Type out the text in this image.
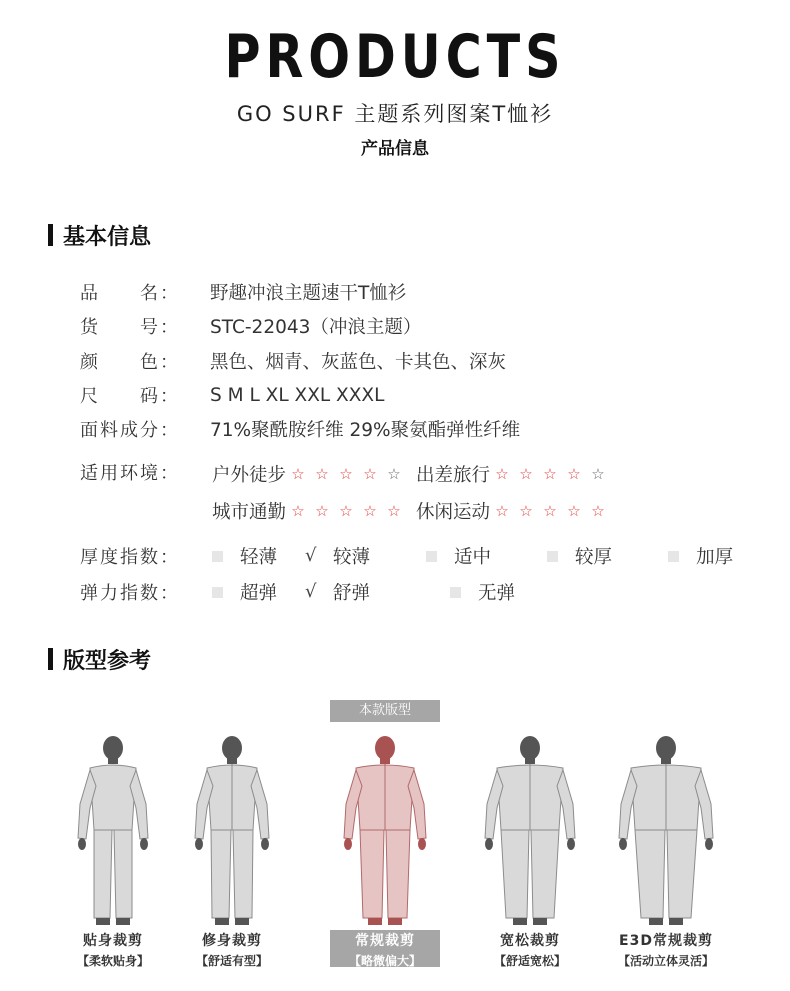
PRODUCTS
GO SURF 主题系列图案T恤衫
产品信息
基本信息
品 名： 野趣冲浪主题速干T恤衫
货 号： STC-22043（冲浪主题）
颜 色： 黑色、烟青、灰蓝色、卡其色、深灰
尺 码： S M L XL XXL XXXL
面料成分： 71%聚酰胺纤维 29%聚氨酯弹性纤维
适用环境： 户外徒步 ☆ ☆ ☆ ☆ ☆ 出差旅行 ☆ ☆ ☆ ☆ ☆
城市通勤 ☆ ☆ ☆ ☆ ☆ 休闲运动 ☆ ☆ ☆ ☆ ☆
厚度指数：	轻薄 √ 较薄	适中	较厚	加厚
弹力指数：	超弹 √ 舒弹	无弹
版型参考
本款版型
贴身裁剪
【柔软贴身】
修身裁剪
【舒适有型】
常规裁剪
【略微偏大】
宽松裁剪
【舒适宽松】
E3D常规裁剪
【活动立体灵活】
